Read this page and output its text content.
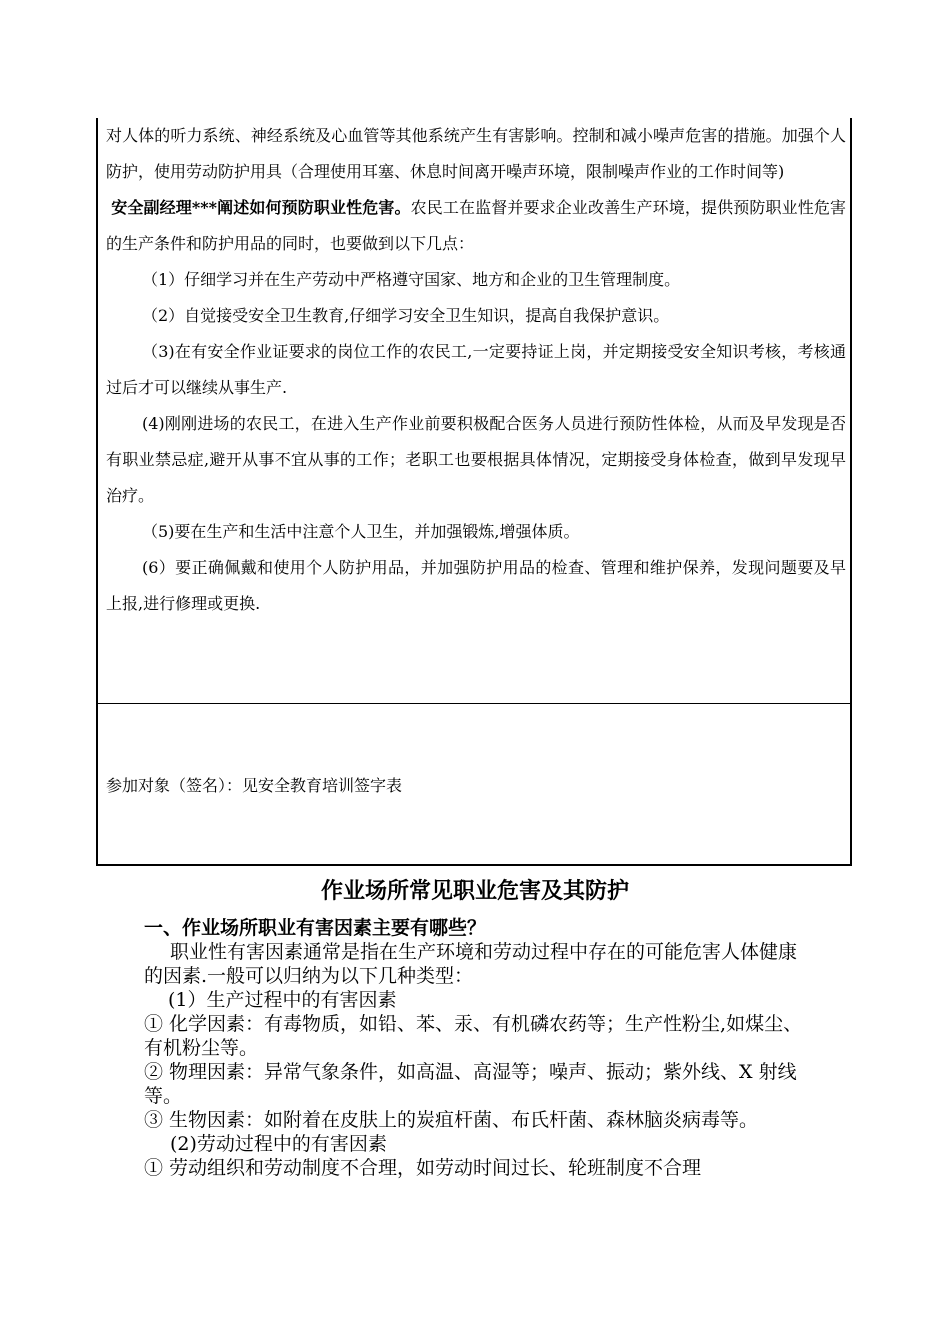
对人体的听力系统、神经系统及心血管等其他系统产生有害影响。控制和减小噪声危害的措施。加强个人防护，使用劳动防护用具（合理使用耳塞、休息时间离开噪声环境，限制噪声作业的工作时间等)

安全副经理***阐述如何预防职业性危害。农民工在监督并要求企业改善生产环境，提供预防职业性危害的生产条件和防护用品的同时，也要做到以下几点：

（1）仔细学习并在生产劳动中严格遵守国家、地方和企业的卫生管理制度。

（2）自觉接受安全卫生教育,仔细学习安全卫生知识，提高自我保护意识。

（3)在有安全作业证要求的岗位工作的农民工,一定要持证上岗，并定期接受安全知识考核，考核通过后才可以继续从事生产.

(4)刚刚进场的农民工，在进入生产作业前要积极配合医务人员进行预防性体检，从而及早发现是否有职业禁忌症,避开从事不宜从事的工作；老职工也要根据具体情况，定期接受身体检查，做到早发现早治疗。

（5)要在生产和生活中注意个人卫生，并加强锻炼,增强体质。

(6）要正确佩戴和使用个人防护用品，并加强防护用品的检查、管理和维护保养，发现问题要及早上报,进行修理或更换.

参加对象（签名）：见安全教育培训签字表
作业场所常见职业危害及其防护

一、作业场所职业有害因素主要有哪些？

职业性有害因素通常是指在生产环境和劳动过程中存在的可能危害人体健康的因素.一般可以归纳为以下几种类型：

(1）生产过程中的有害因素

① 化学因素：有毒物质，如铅、苯、汞、有机磷农药等；生产性粉尘,如煤尘、有机粉尘等。

② 物理因素：异常气象条件，如高温、高湿等；噪声、振动；紫外线、X 射线等。

③ 生物因素：如附着在皮肤上的炭疽杆菌、布氏杆菌、森林脑炎病毒等。

(2)劳动过程中的有害因素

① 劳动组织和劳动制度不合理，如劳动时间过长、轮班制度不合理
